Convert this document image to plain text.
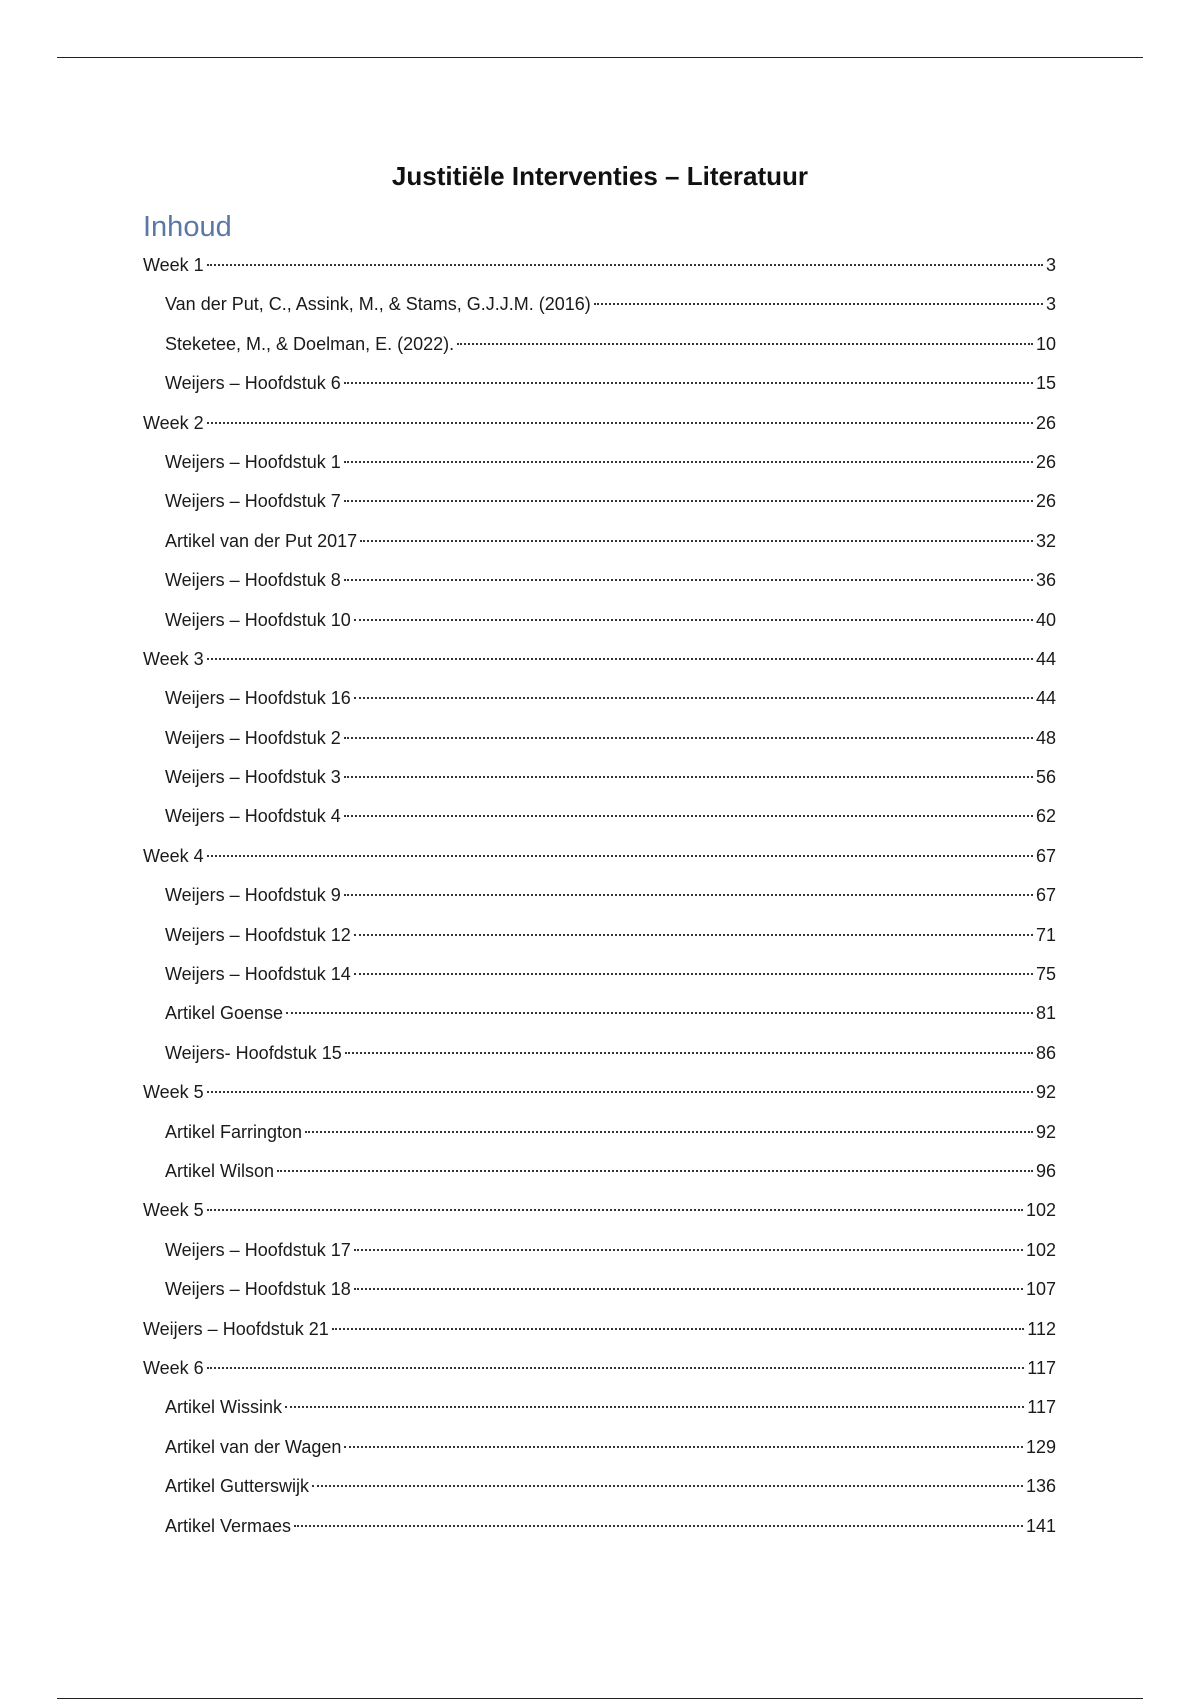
Justitiële Interventies – Literatuur
Inhoud
Week 1	3
Van der Put, C., Assink, M., & Stams, G.J.J.M. (2016)	3
Steketee, M., & Doelman, E. (2022).	10
Weijers – Hoofdstuk 6	15
Week 2	26
Weijers – Hoofdstuk 1	26
Weijers – Hoofdstuk 7	26
Artikel van der Put 2017	32
Weijers – Hoofdstuk 8	36
Weijers – Hoofdstuk 10	40
Week 3	44
Weijers – Hoofdstuk 16	44
Weijers – Hoofdstuk 2	48
Weijers – Hoofdstuk 3	56
Weijers – Hoofdstuk 4	62
Week 4	67
Weijers – Hoofdstuk 9	67
Weijers – Hoofdstuk 12	71
Weijers – Hoofdstuk 14	75
Artikel Goense	81
Weijers- Hoofdstuk 15	86
Week 5	92
Artikel Farrington	92
Artikel Wilson	96
Week 5	102
Weijers – Hoofdstuk 17	102
Weijers – Hoofdstuk 18	107
Weijers – Hoofdstuk 21	112
Week 6	117
Artikel Wissink	117
Artikel van der Wagen	129
Artikel Gutterswijk	136
Artikel Vermaes	141
